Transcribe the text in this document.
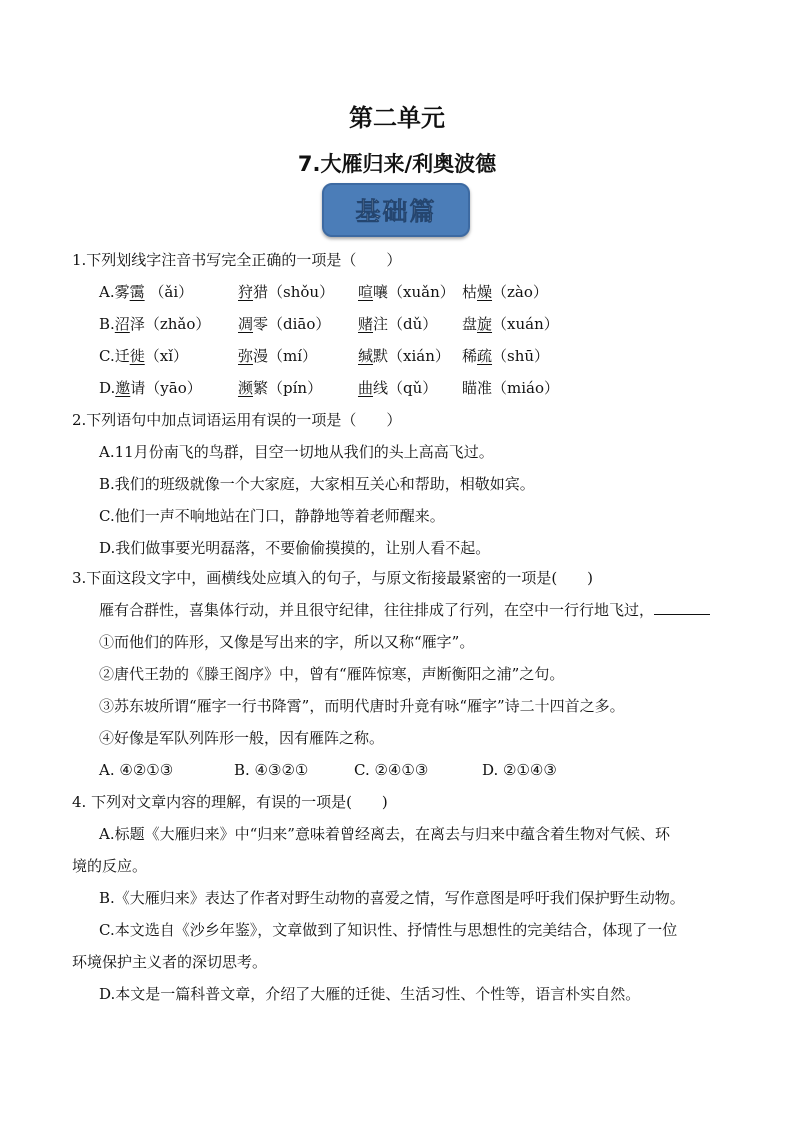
第二单元
7.大雁归来/利奥波德
基础篇
1.下列划线字注音书写完全正确的一项是（　　）
A.雾霭 （ǎi）	狩猎（shǒu） 喧嚷（xuǎn） 枯燥（zào）
B.沼泽（zhǎo） 凋零（diāo） 赌注（dǔ） 盘旋（xuán）
C.迁徙（xǐ）	弥漫（mí）	缄默（xián） 稀疏（shū）
D.邀请（yāo） 濒繁（pín） 曲线（qǔ） 瞄准（miáo）
2.下列语句中加点词语运用有误的一项是（　　）
A.11月份南飞的鸟群，目空一切地从我们的头上高高飞过。
B.我们的班级就像一个大家庭，大家相互关心和帮助，相敬如宾。
C.他们一声不响地站在门口，静静地等着老师醒来。
D.我们做事要光明磊落，不要偷偷摸摸的，让别人看不起。
3.下面这段文字中，画横线处应填入的句子，与原文衔接最紧密的一项是(　　)
雁有合群性，喜集体行动，并且很守纪律，往往排成了行列，在空中一行行地飞过，
①而他们的阵形，又像是写出来的字，所以又称“雁字”。
②唐代王勃的《滕王阁序》中，曾有“雁阵惊寒，声断衡阳之浦”之句。
③苏东坡所谓“雁字一行书降霄”，而明代唐时升竟有咏“雁字”诗二十四首之多。
④好像是军队列阵形一般，因有雁阵之称。
A. ④②①③	B. ④③②①	C. ②④①③	D. ②①④③
4. 下列对文章内容的理解，有误的一项是(　　)
A.标题《大雁归来》中“归来”意味着曾经离去，在离去与归来中蕴含着生物对气候、环
境的反应。
B.《大雁归来》表达了作者对野生动物的喜爱之情，写作意图是呼吁我们保护野生动物。
C.本文选自《沙乡年鉴》，文章做到了知识性、抒情性与思想性的完美结合，体现了一位
环境保护主义者的深切思考。
D.本文是一篇科普文章，介绍了大雁的迁徙、生活习性、个性等，语言朴实自然。
